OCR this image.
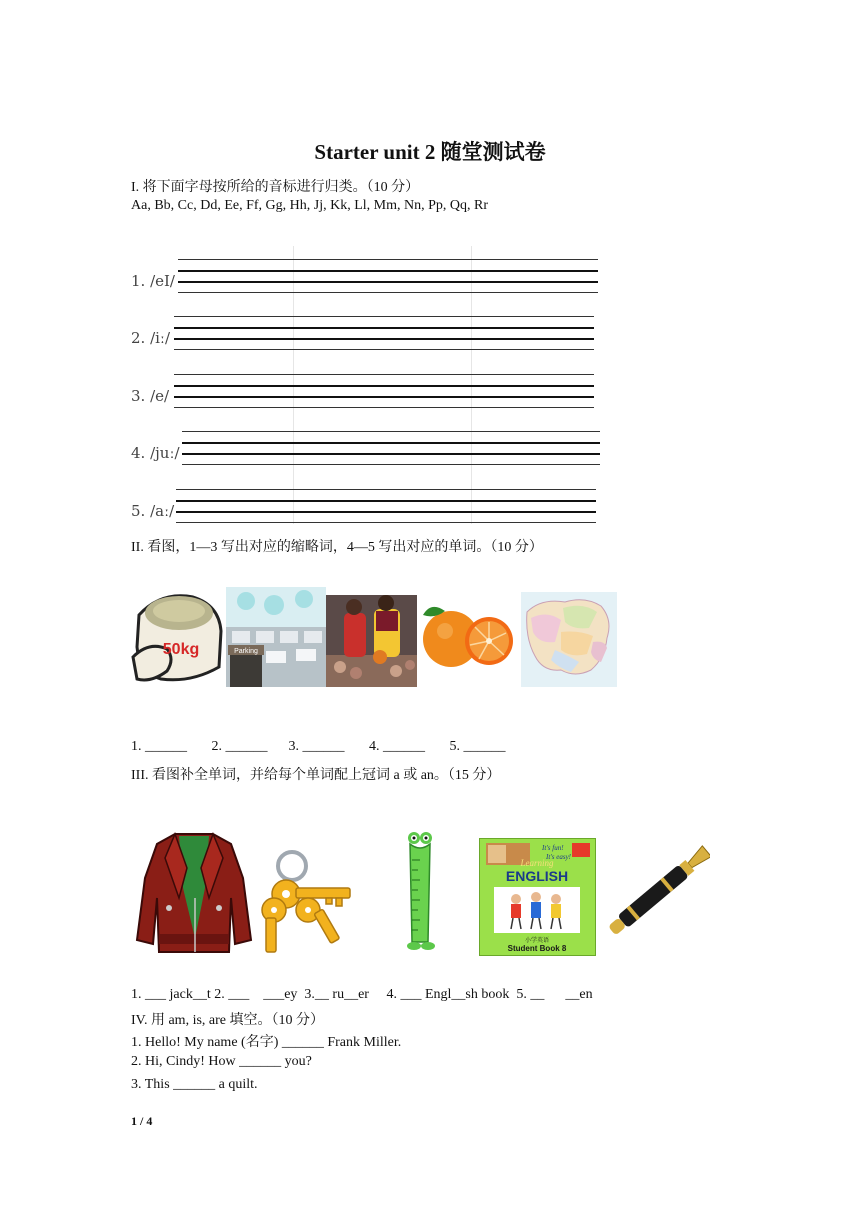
Starter unit 2 随堂测试卷
I. 将下面字母按所给的音标进行归类。（10 分）
Aa, Bb, Cc, Dd, Ee, Ff, Gg, Hh, Jj, Kk, Ll, Mm, Nn, Pp, Qq, Rr
1. /eI/
2. /iː/
3. /e/
4. /juː/
5. /aː/
II. 看图，1—3 写出对应的缩略词，4—5 写出对应的单词。（10 分）
50kg	Parking
1. ______       2. ______      3. ______       4. ______       5. ______
III. 看图补全单词，并给每个单词配上冠词 a 或 an。（15 分）
It's fun!
It's easy!
Learning
ENGLISH
小学英语
Student Book 8
1. ___ jack__t 2. ___    ___ey  3.__ ru__er     4. ___ Engl__sh book  5. __      __en
IV. 用 am, is, are 填空。（10 分）
1. Hello! My name (名字) ______ Frank Miller.
2. Hi, Cindy! How ______ you?
3. This ______ a quilt.
1 / 4
